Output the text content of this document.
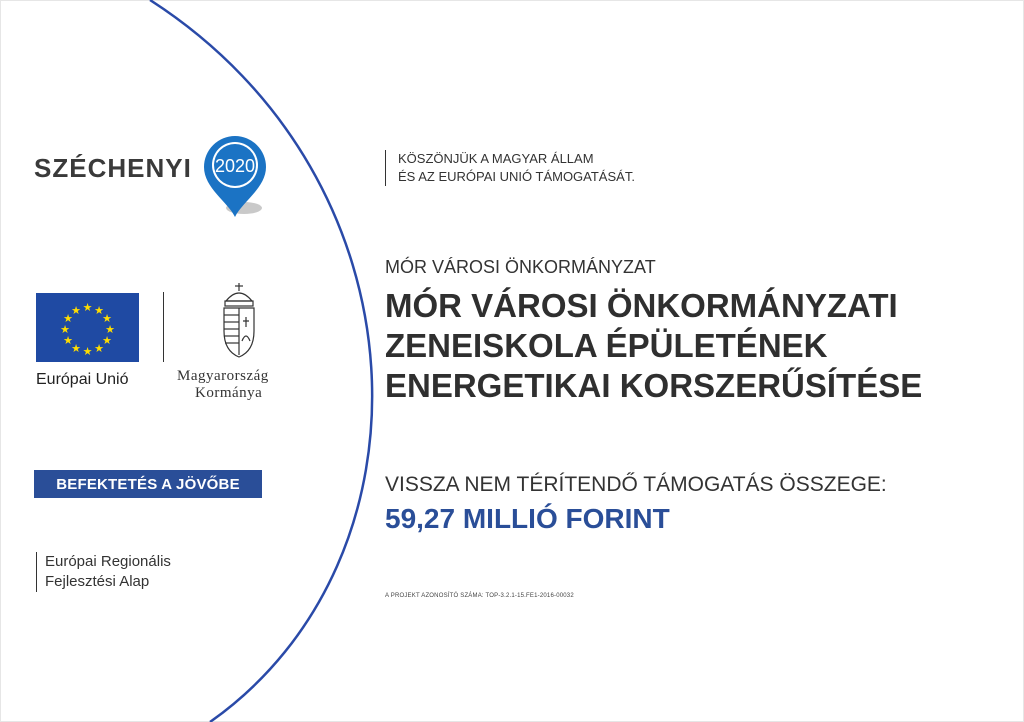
SZÉCHENYI 2020
★ ★
★
★
★
★
★
★
★
★
★
★
Európai Unió	Magyarország
Kormánya
BEFEKTETÉS A JÖVŐBE
Európai Regionális
Fejlesztési Alap
KÖSZÖNJÜK A MAGYAR ÁLLAM
ÉS AZ EURÓPAI UNIÓ TÁMOGATÁSÁT.
MÓR VÁROSI ÖNKORMÁNYZAT
MÓR VÁROSI ÖNKORMÁNYZATI
ZENEISKOLA ÉPÜLETÉNEK
ENERGETIKAI KORSZERŰSÍTÉSE
VISSZA NEM TÉRÍTENDŐ TÁMOGATÁS ÖSSZEGE:
59,27 MILLIÓ FORINT
A PROJEKT AZONOSÍTÓ SZÁMA: TOP-3.2.1-15.FE1-2016-00032
